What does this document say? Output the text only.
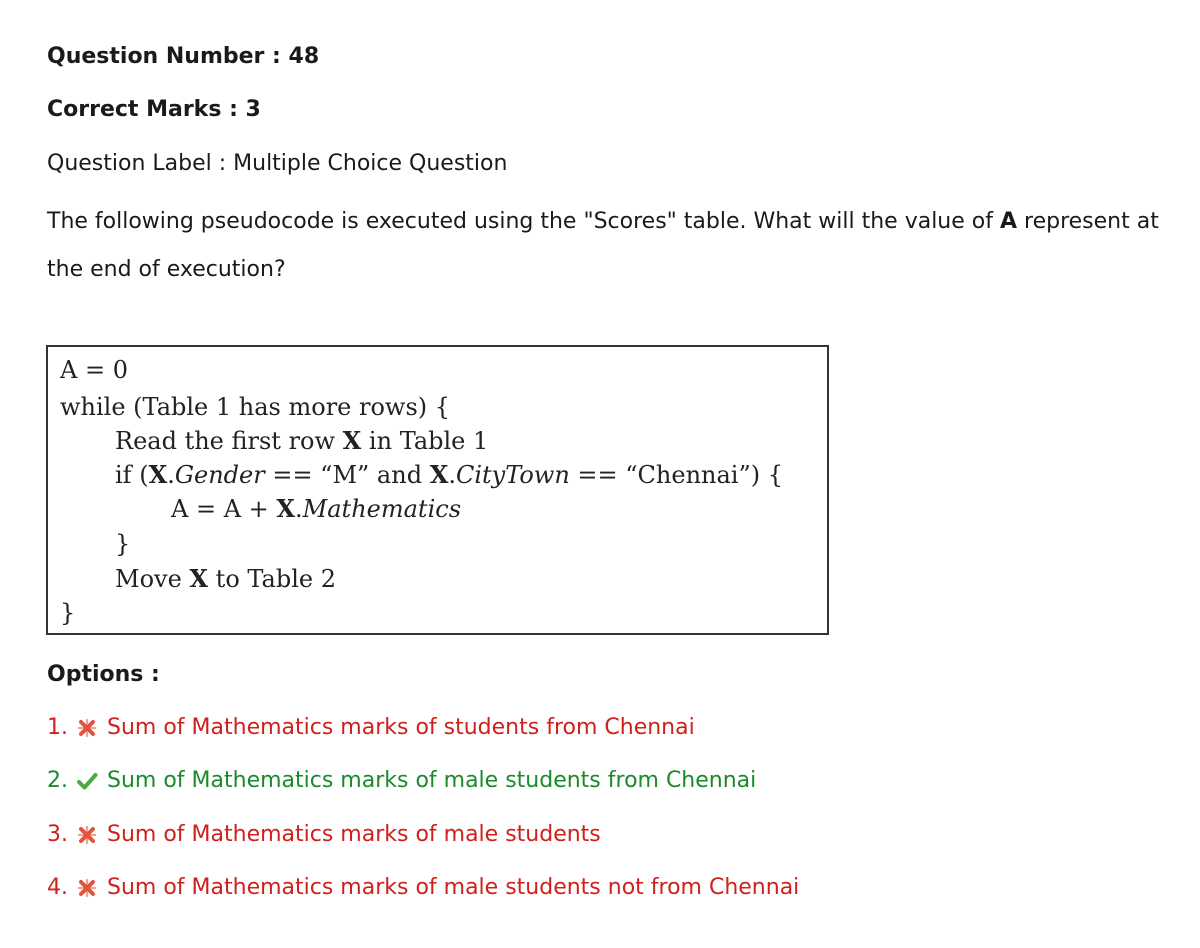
Question Number : 48
Correct Marks : 3
Question Label : Multiple Choice Question
The following pseudocode is executed using the "Scores" table. What will the value of A represent at the end of execution?
A = 0
while (Table 1 has more rows) {
Read the first row X in Table 1
if (X.Gender == “M” and X.CityTown == “Chennai”) {
A = A + X.Mathematics
}
Move X to Table 2
}
Options :
1. Sum of Mathematics marks of students from Chennai
2. Sum of Mathematics marks of male students from Chennai
3. Sum of Mathematics marks of male students
4. Sum of Mathematics marks of male students not from Chennai
